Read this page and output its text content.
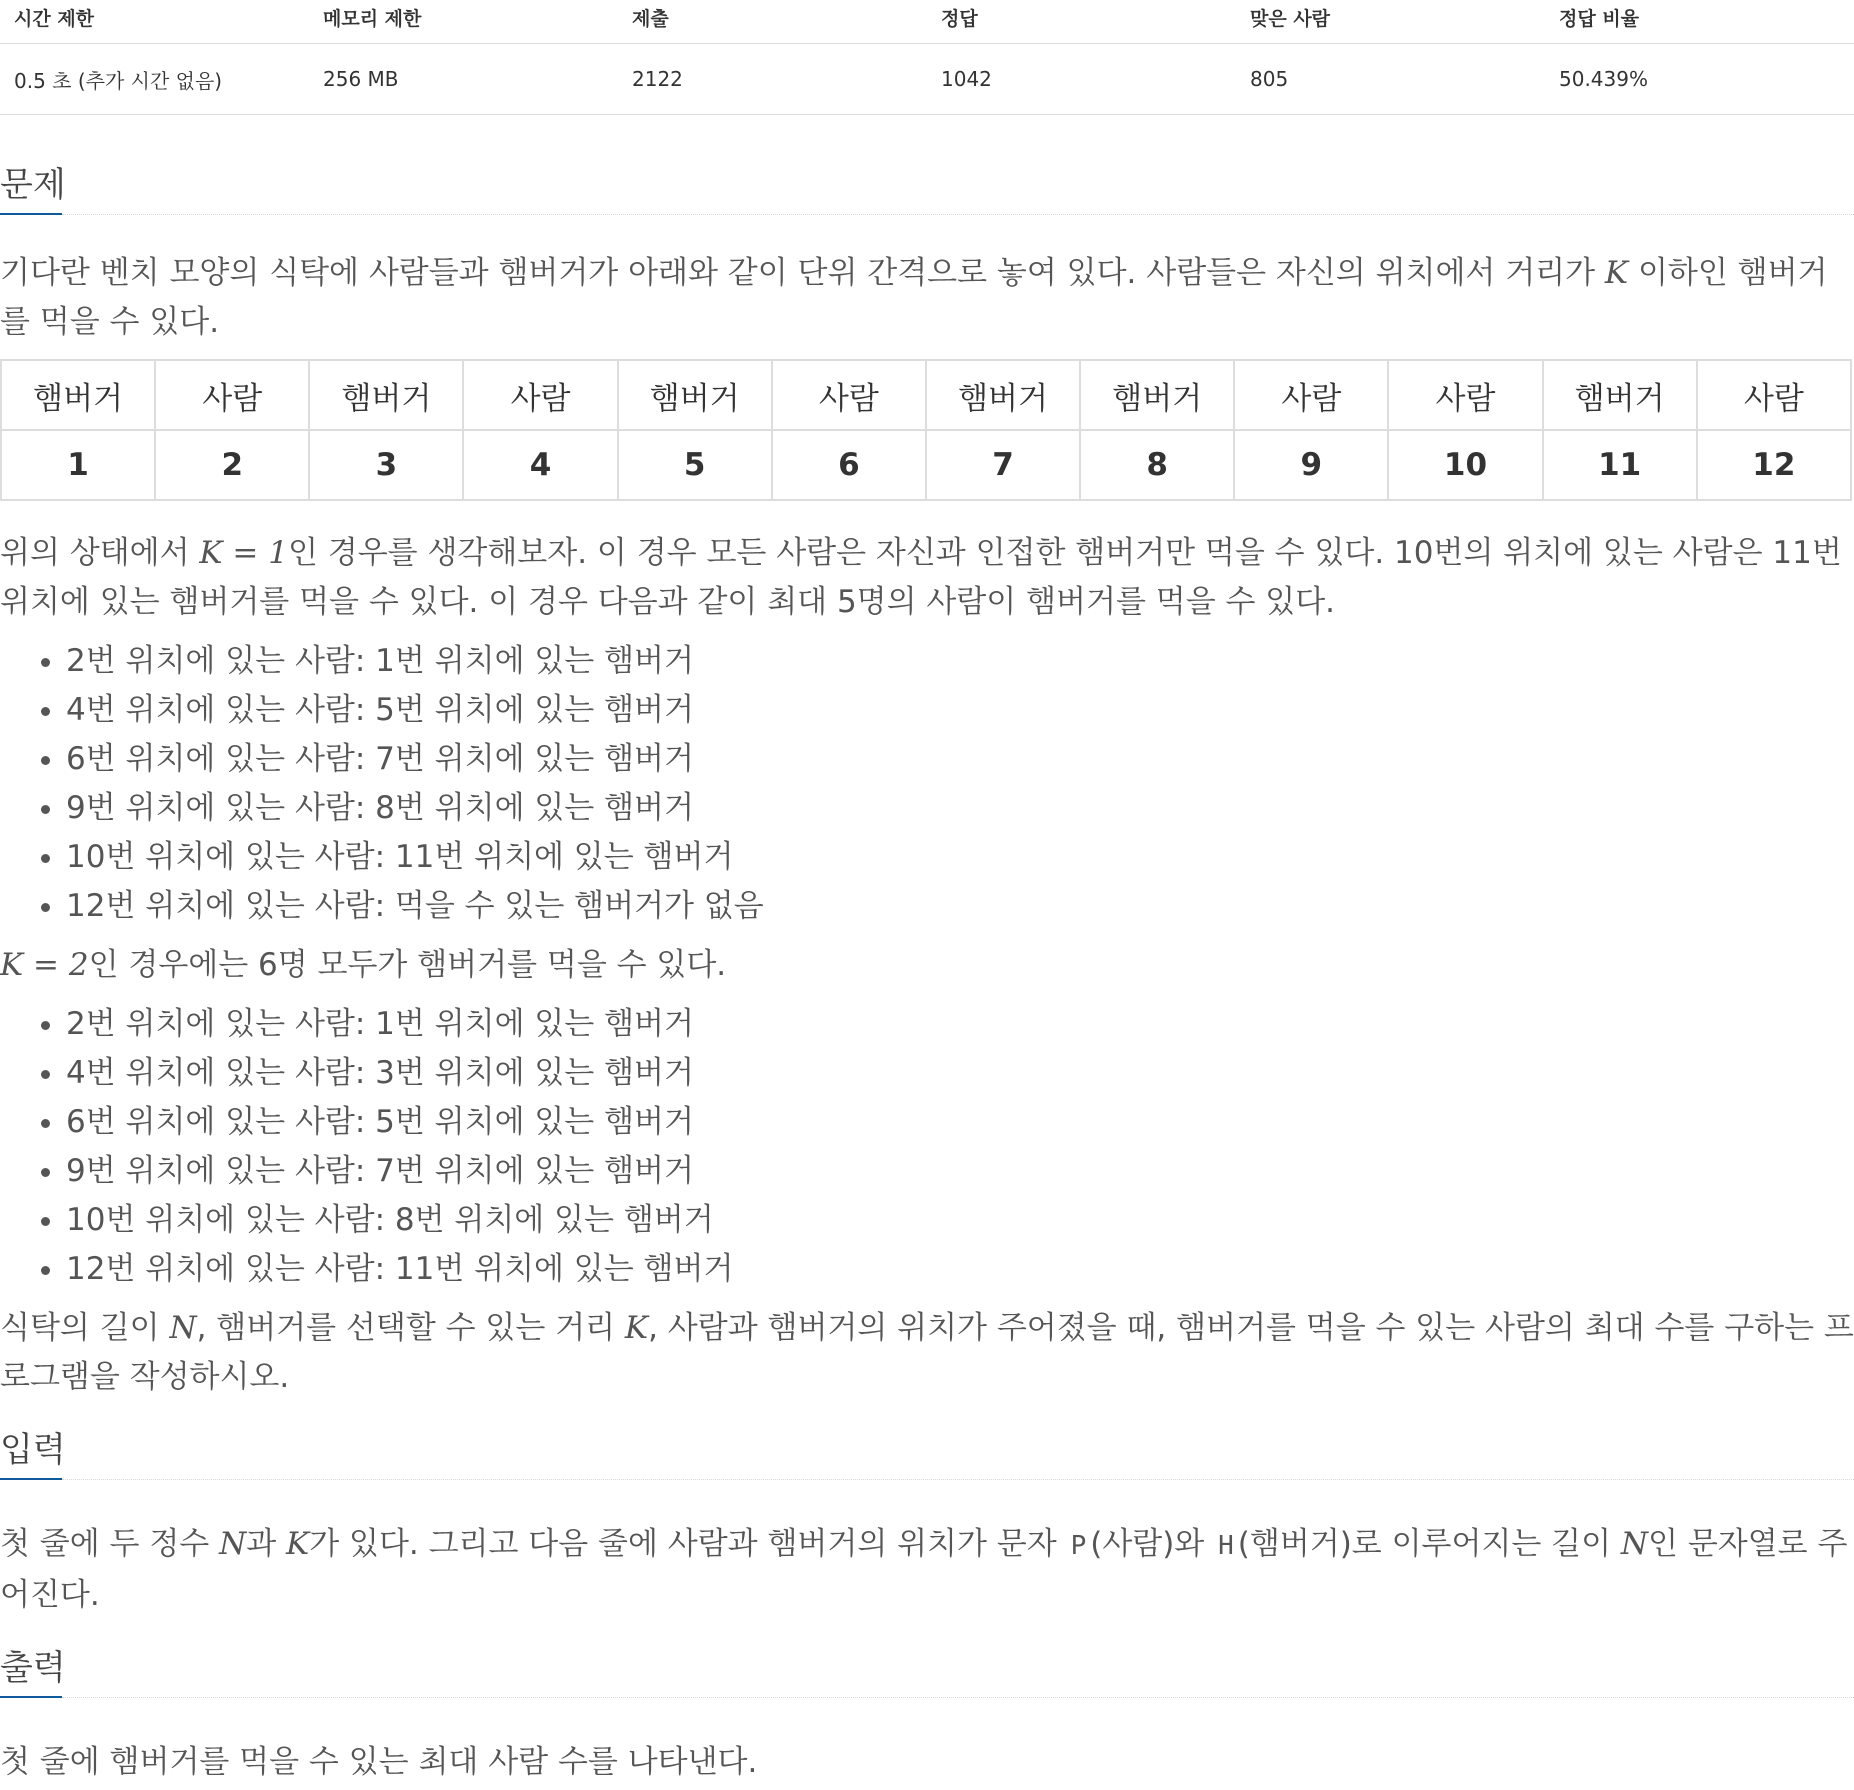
시간 제한	메모리 제한	제출	정답	맞은 사람	정답 비율
0.5 초 (추가 시간 없음)	256 MB	2122	1042	805	50.439%
문제

기다란 벤치 모양의 식탁에 사람들과 햄버거가 아래와 같이 단위 간격으로 놓여 있다. 사람들은 자신의 위치에서 거리가 K 이하인 햄버거를 먹을 수 있다.

햄버거	사람	햄버거	사람	햄버거	사람	햄버거	햄버거	사람	사람	햄버거	사람
1	2	3	4	5	6	7	8	9	10	11	12

위의 상태에서 K = 1인 경우를 생각해보자. 이 경우 모든 사람은 자신과 인접한 햄버거만 먹을 수 있다. 10번의 위치에 있는 사람은 11번 위치에 있는 햄버거를 먹을 수 있다. 이 경우 다음과 같이 최대 5명의 사람이 햄버거를 먹을 수 있다.

• 2번 위치에 있는 사람: 1번 위치에 있는 햄버거
• 4번 위치에 있는 사람: 5번 위치에 있는 햄버거
• 6번 위치에 있는 사람: 7번 위치에 있는 햄버거
• 9번 위치에 있는 사람: 8번 위치에 있는 햄버거
• 10번 위치에 있는 사람: 11번 위치에 있는 햄버거
• 12번 위치에 있는 사람: 먹을 수 있는 햄버거가 없음

K = 2인 경우에는 6명 모두가 햄버거를 먹을 수 있다.

• 2번 위치에 있는 사람: 1번 위치에 있는 햄버거
• 4번 위치에 있는 사람: 3번 위치에 있는 햄버거
• 6번 위치에 있는 사람: 5번 위치에 있는 햄버거
• 9번 위치에 있는 사람: 7번 위치에 있는 햄버거
• 10번 위치에 있는 사람: 8번 위치에 있는 햄버거
• 12번 위치에 있는 사람: 11번 위치에 있는 햄버거

식탁의 길이 N, 햄버거를 선택할 수 있는 거리 K, 사람과 햄버거의 위치가 주어졌을 때, 햄버거를 먹을 수 있는 사람의 최대 수를 구하는 프로그램을 작성하시오.

입력

첫 줄에 두 정수 N과 K가 있다. 그리고 다음 줄에 사람과 햄버거의 위치가 문자 P (사람)와 H (햄버거)로 이루어지는 길이 N인 문자열로 주어진다.

출력

첫 줄에 햄버거를 먹을 수 있는 최대 사람 수를 나타낸다.
